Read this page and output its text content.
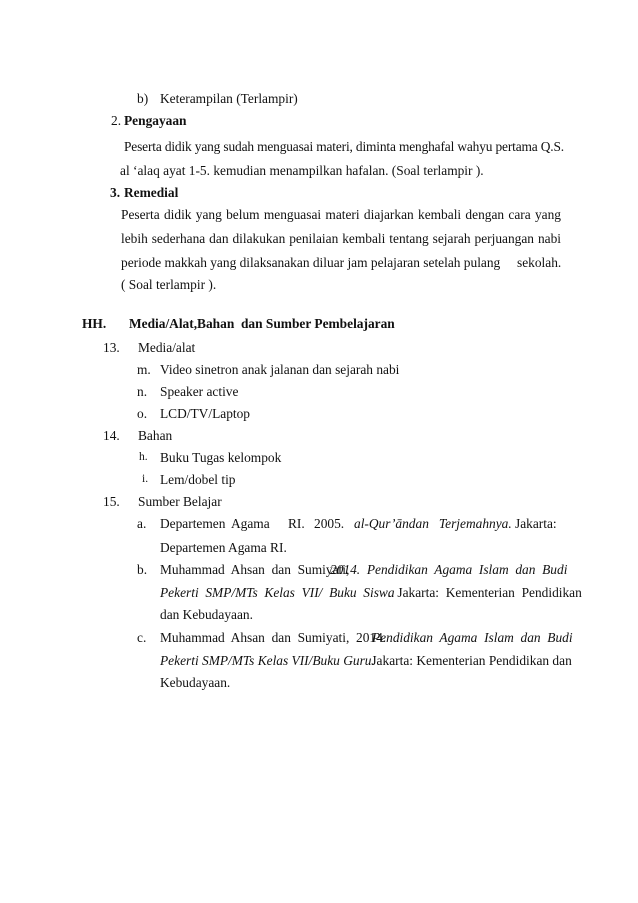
b) Keterampilan (Terlampir)
2. Pengayaan
Peserta didik yang sudah menguasai materi, diminta menghafal wahyu pertama Q.S.
al ‘alaq ayat 1-5. kemudian menampilkan hafalan. (Soal terlampir ).
3. Remedial
Peserta didik yang belum menguasai materi diajarkan kembali dengan cara yang
lebih sederhana dan dilakukan penilaian kembali tentang sejarah perjuangan nabi
periode makkah yang dilaksanakan diluar jam pelajaran setelah pulang     sekolah.
( Soal terlampir ).
HH. Media/Alat,Bahan  dan Sumber Pembelajaran
13. Media/alat
m. Video sinetron anak jalanan dan sejarah nabi
n. Speaker active
o. LCD/TV/Laptop
14. Bahan
h. Buku Tugas kelompok
i. Lem/dobel tip
15. Sumber Belajar
a. Departemen Agama RI. 2005. al-Qur’āndan   Terjemahnya. Jakarta:
Departemen Agama RI.
b. Muhammad  Ahsan  dan  Sumiyati,
2014.  Pendidikan  Agama  Islam  dan  Budi
Pekerti  SMP/MTs  Kelas  VII/  Buku  Siswa
.  Jakarta:  Kementerian  Pendidikan
dan Kebudayaan.
c. Muhammad  Ahsan  dan  Sumiyati,  2014.
Pendidikan  Agama  Islam  dan  Budi
Pekerti SMP/MTs Kelas VII/Buku Guru.
Jakarta: Kementerian Pendidikan dan
Kebudayaan.
